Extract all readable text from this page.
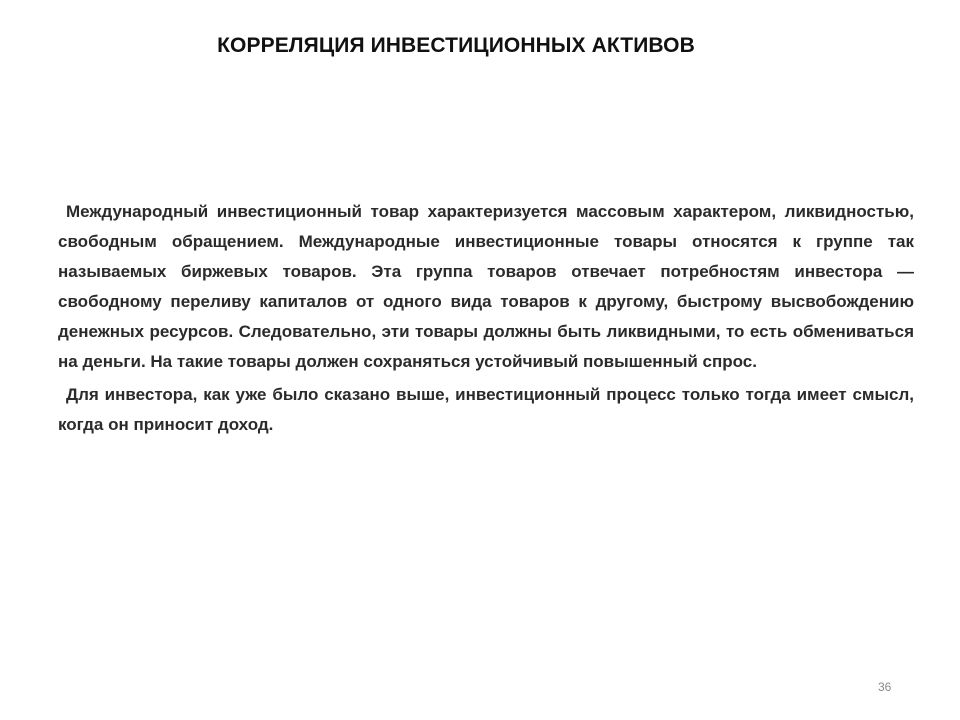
КОРРЕЛЯЦИЯ ИНВЕСТИЦИОННЫХ АКТИВОВ

Международный инвестиционный товар характеризуется массовым характером, ликвидностью, свободным обращением. Международные инвестиционные товары относятся к группе так называемых биржевых товаров. Эта группа товаров отвечает потребностям инвестора — свободному переливу капиталов от одного вида товаров к другому, быстрому высвобождению денежных ресурсов. Следовательно, эти товары должны быть ликвидными, то есть обмениваться на деньги. На такие товары должен сохраняться устойчивый повышенный спрос.

Для инвестора, как уже было сказано выше, инвестиционный процесс только тогда имеет смысл, когда он приносит доход.

36
